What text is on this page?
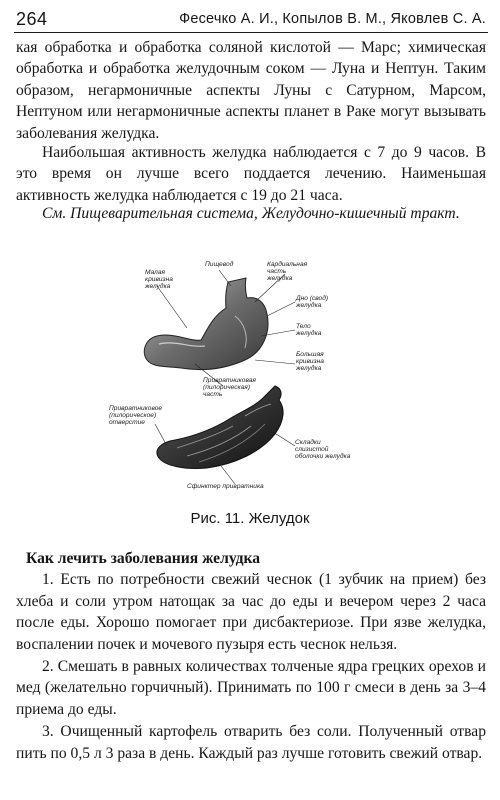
264	Фесечко А. И., Копылов В. М., Яковлев С. А.

кая обработка и обработка соляной кислотой — Марс; химическая обработка и обработка желудочным соком — Луна и Нептун. Таким образом, негармоничные аспекты Луны с Сатурном, Марсом, Нептуном или негармоничные аспекты планет в Раке могут вызывать заболевания желудка.

Наибольшая активность желудка наблюдается с 7 до 9 часов. В это время он лучше всего поддается лечению. Наименьшая активность желудка наблюдается с 19 до 21 часа.

См. Пищеварительная система, Желудочно-кишечный тракт.

Малая кривизна желудка
Пищевод	Кардиальная часть желудка
Дно (свод) желудка
Тело желудка
Большая кривизна желудка
Привратниковая (пилорическая) часть
Привратниковое (пилорическое) отверстие
Складки слизистой оболочки желудка
Сфинктер привратника
Рис. 11. Желудок
Как лечить заболевания желудка

1. Есть по потребности свежий чеснок (1 зубчик на прием) без хлеба и соли утром натощак за час до еды и вечером через 2 часа после еды. Хорошо помогает при дисбактериозе. При язве желудка, воспалении почек и мочевого пузыря есть чеснок нельзя.

2. Смешать в равных количествах толченые ядра грецких орехов и мед (желательно горчичный). Принимать по 100 г смеси в день за 3–4 приема до еды.

3. Очищенный картофель отварить без соли. Полученный отвар пить по 0,5 л 3 раза в день. Каждый раз лучше готовить свежий отвар.
